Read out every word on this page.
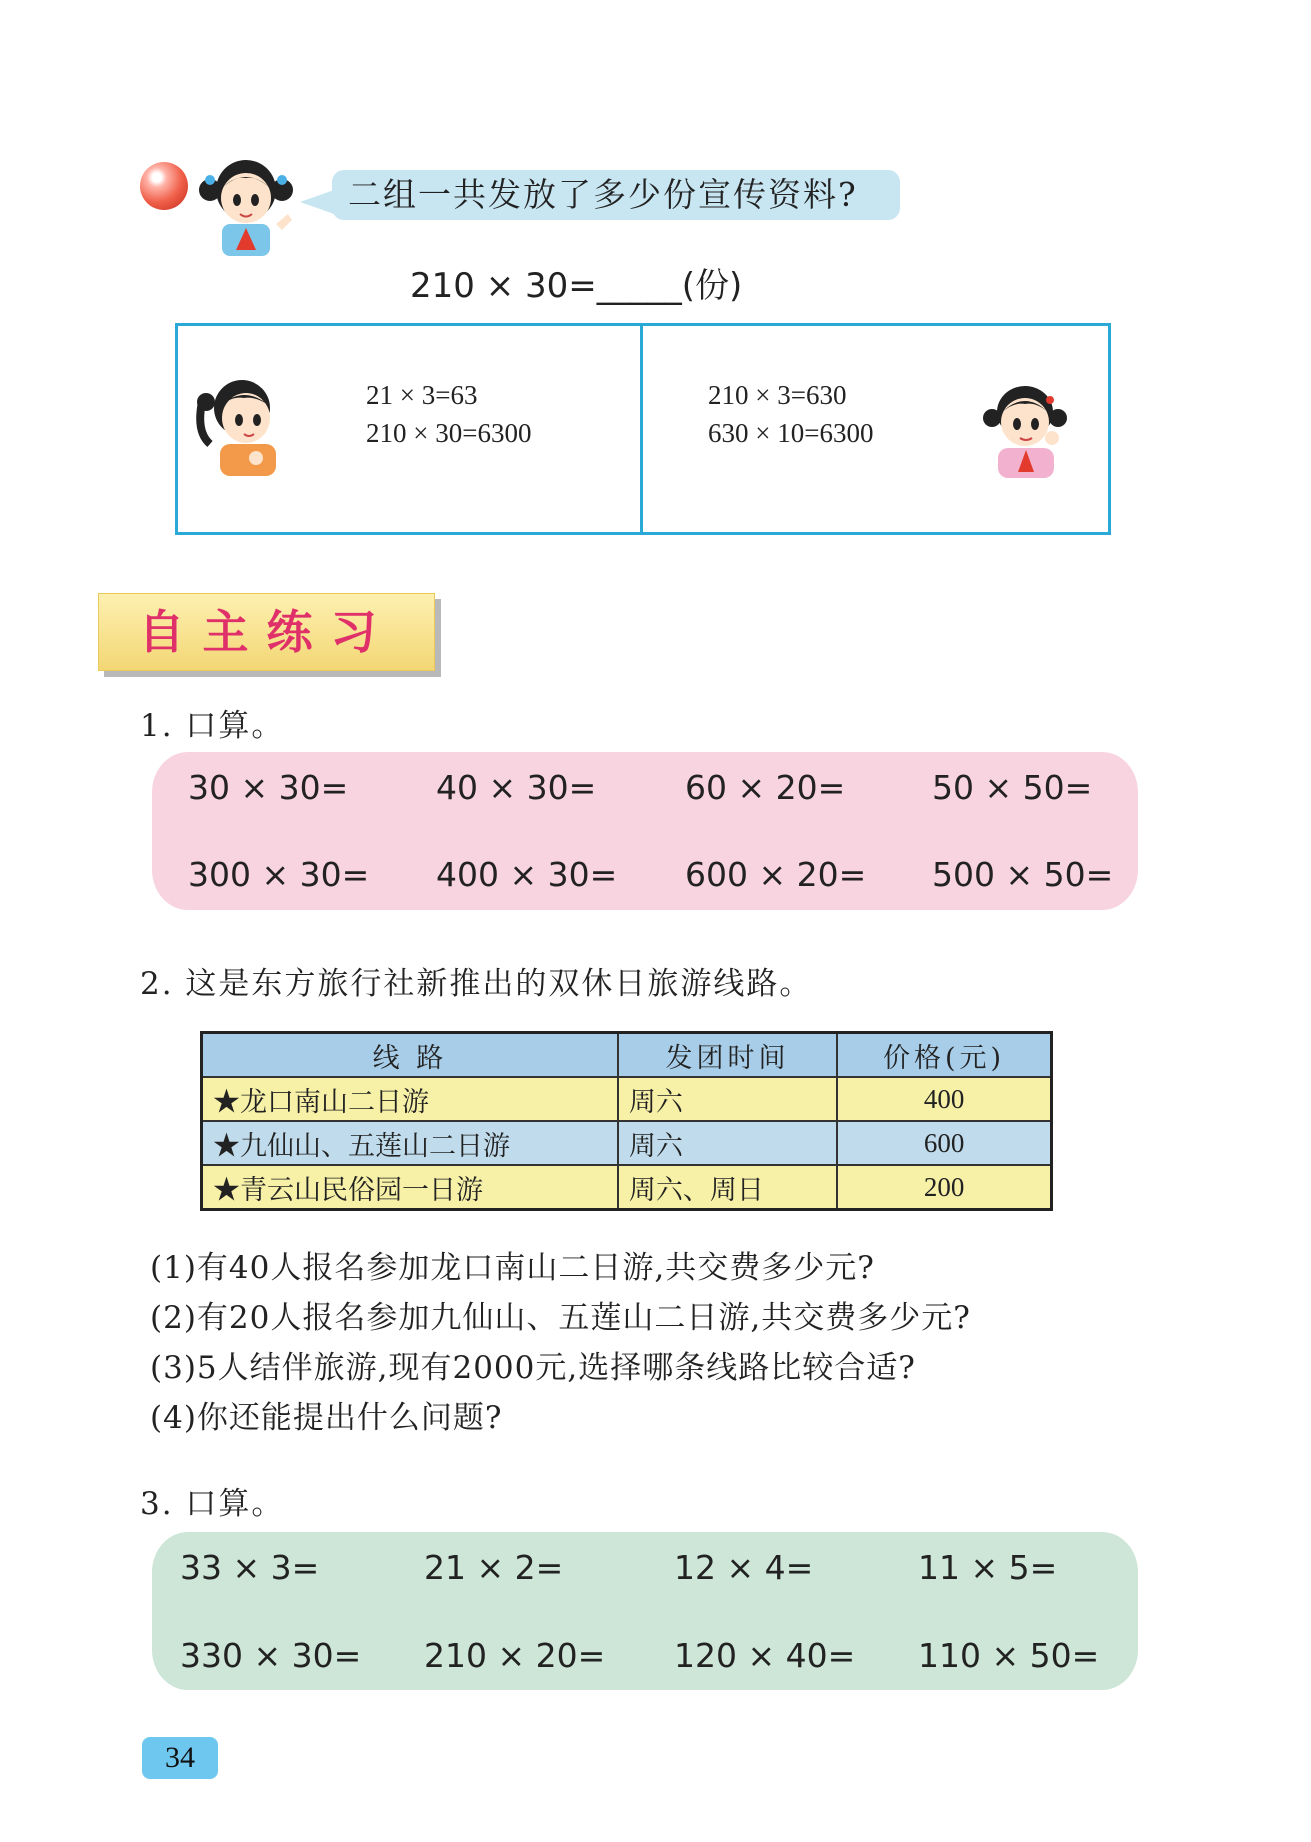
二组一共发放了多少份宣传资料?
210 × 30=_____(份)
21 × 3=63
210 × 30=6300
210 × 3=630
630 × 10=6300
自主练习
1. 口算。
30 × 30=	40 × 30=	60 × 20=	50 × 50=
300 × 30= 400 × 30= 600 × 20= 500 × 50=
2. 这是东方旅行社新推出的双休日旅游线路。
线 路	发团时间	价格(元)
★龙口南山二日游	周六	400
★九仙山、五莲山二日游	周六	600
★青云山民俗园一日游	周六、周日	200
(1)有40人报名参加龙口南山二日游,共交费多少元?
(2)有20人报名参加九仙山、五莲山二日游,共交费多少元?
(3)5人结伴旅游,现有2000元,选择哪条线路比较合适?
(4)你还能提出什么问题?
3. 口算。
33 × 3=	21 × 2=	12 × 4=	11 × 5=
330 × 30= 210 × 20= 120 × 40= 110 × 50=
34
